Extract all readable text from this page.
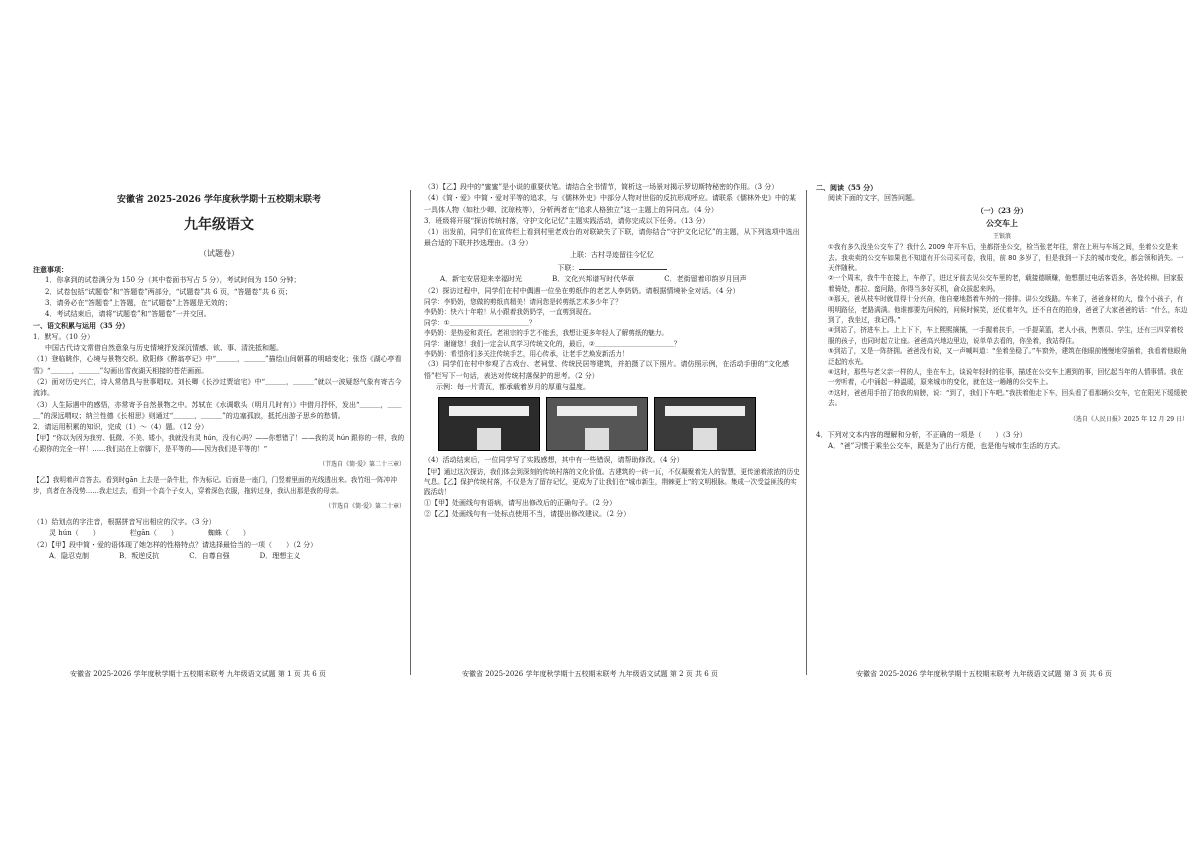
安徽省 2025-2026 学年度秋学期十五校期末联考

九年级语文

（试题卷）

注意事项：

1．你拿到的试卷满分为 150 分（其中卷面书写占 5 分），考试时间为 150 分钟；

2．试卷包括“试题卷”和“答题卷”两部分，“试题卷”共 6 页，“答题卷”共 6 页；

3．请务必在“答题卷”上答题，在“试题卷”上答题是无效的；

4．考试结束后，请将“试题卷”和“答题卷”一并交回。

一、语文积累与运用（35 分）

1．默写。（10 分）

中国古代诗文常借自然意象与历史情境抒发深沉情感、欲、事、清洗抵和题。

（1）登临眺作，心境与景物交织。欧阳修《醉翁亭记》中“＿＿＿，＿＿＿”描绘山间朝暮的明暗变化；张岱《湖心亭看雪》“＿＿＿，＿＿＿”勾画出雪夜湖天相接的苍茫画面。

（2）面对历史兴亡，诗人常借具与世事唱叹。刘长卿《长沙过贾谊宅》中“＿＿＿，＿＿＿”就以一波疑怒气象有寄古今流沛。

（3）人生际遇中的感悟，亦常寄予自然景物之中。苏轼在《水调歌头（明月几时有）》中借月抒怀，发出“＿＿＿，＿＿＿”的深远喟叹；纳兰性德《长相思》则通过“＿＿＿，＿＿＿”的边塞孤寂，抵托出游子思乡的愁情。

2．请运用积累的知识，完成（1）～（4）题。（12 分）

【甲】“你以为因为我穷、低微、不美、矮小，我就没有灵 hún，没有心吗？——你想错了！——我的灵 hún 跟你的一样，我的心跟你的完全一样！……我们站在上帝脚下，是平等的——因为我们是平等的！”

（节选自《简·爱》第二十三章）

【乙】我明着声音答去。看到时gān 上去是一条牛肚，作为标记。后面是一座门，门竖着里面的光线透出来。我竹纽一阵冲冲步，真者在各没势……我走过去，看到一个高个子女人，穿着深色衣服，拖转过身，我认出那是我的母亲。

（节选自《简·爱》第二十章）

（1）给划点的字注音，根据拼音写出相应的汉字。（3 分）

灵 hún（　　）	栏gān（　　）	蜘蛛（　　）

（2）【甲】段中简・爱的语体现了她怎样的性格特点？请选择最恰当的一项（　　）（2 分）

A．隐忍克制	B．叛逆反抗	C．自尊自强	D．理想主义
安徽省 2025-2026 学年度秋学期十五校期末联考 九年级语文试题 第 1 页 共 6 页

（3）【乙】段中的“蜜蜜”是小说的重要伏笔。请结合全书情节，简析这一场景对揭示罗切斯特秘密的作用。（3 分）

（4）《简・爱》中简・爱对平等的追求，与《儒林外史》中部分人物对世俗的反抗形成呼应。请联系《儒林外史》中的某一具体人物（如杜少卿、沈琼枝等），分析两者在“追求人格独立”这一主题上的异同点。（4 分）

3．班级将开展“探访传统村落，守护文化记忆”主题实践活动，请你完成以下任务。（13 分）

（1）出发前，同学们在宣传栏上看到村里老戏台的对联缺失了下联，请你结合“守护文化记忆”的主题，从下列选项中选出最合适的下联并抄选理由。（3 分）

上联：古村寻迹留往今忆忆

下联：

A．新宅安居迎来幸福时光	B．文化兴邦谱写时代华章	C．老街留着印韵岁月回声

（2）探访过程中，同学们在村中偶遇一位坐在剪纸作的老艺人李奶奶。请根据情境补全对话。（4 分）

同学：李奶奶，您做的剪纸真精美！请问您是转剪纸艺术多少年了？

李奶奶：快六十年啦！从小跟着我奶奶学，一直剪到现在。

同学：①＿＿＿＿＿＿＿＿＿＿＿＿？

李奶奶：是热爱和责任。老祖宗的手艺不能丢，我想让更多年轻人了解剪纸的魅力。

同学：谢谢您！我们一定会认真学习传统文化的，最后，②＿＿＿＿＿＿＿＿＿＿＿＿？

李奶奶：希望你们多关注传统手艺，用心传承，让老手艺焕发新活力！

（3）同学们在村中参观了古戏台、老祠堂、传统民居等建筑，并拍摄了以下照片。请仿照示例，在活动手册的“文化感悟”栏写下一句话，表达对传统村落保护的思考。（2 分）

示例：每一片青瓦，都承载着岁月的厚重与温度。

（4）活动结束后，一位同学写了实践感想，其中有一些错误，请帮助修改。（4 分）

【甲】通过这次探访，我们体会到深刻的传统村落的文化价值。古建筑的一砖一瓦，不仅凝聚着先人的智慧，更传递着浓浓的历史气息。【乙】保护传统村落，不仅是为了留存记忆，更成为了让我们在“城市新生，荆棘更上”的文明根脉。集成一次受益匪浅的实践活动！

①【甲】处画线句有语病，请写出修改后的正确句子。（2 分）

②【乙】处画线句有一处标点使用不当，请提出修改建议。（2 分）

安徽省 2025-2026 学年度秋学期十五校期末联考 九年级语文试题 第 2 页 共 6 页

二、阅读（55 分）

阅读下面的文字，回答问题。

（一）（23 分）

公交车上

王银浪

①我有多久没坐公交车了？我什么 2009 年开车后，坐都搭坐公交，检当张老年往，常在上班与车场之间，坐着公交是来去。我卖卖的公交车如果也不知道有开公司买可卷，我用，前 80 多岁了，但是我到一下去的城市变化，都会领和消失。一天伴随秋。

②一个周末，我牛牛在接上，车停了，进过牙前去见公交车里的老，载接德顺赚，他想摆过电话客语多，各处转柳。回家报着骑处，都拉、蛮问路，你得当多好买机，俞众拔起来吗。

③那天，爸从枝车时就显得十分兴奋，他自豪地指着车外的一排排。讲公交线路。车来了，爸爸身材的大，像个小孩子，有明明路径，老路满满。他谁都要先问候的，问候时候笑，还仗着年久，还不自在的拍身，爸爸了大家爸爸的话：“什么，东边到了，我坐过，我记得。”

④到站了，挤进车上。上上下下，车上熙熙攘攘，一手握着扶手，一手提菜篮，老人小孩，售票员、学生，还有三四穿着校服的孩子，也同时起立让座。爸爸高兴地边里边，说单单去看的，你坐着，我站得住。

⑤到站了，又是一阵挤拥。爸爸没有说，又一声喊叫道：“坐着坐稳了。”车窗外，建筑在他眼前慢慢地穿插着，我看着他眼角泛起的水光。

⑥这时，那些与老父亲一样的人，坐在车上，谈说年轻时的往事，描述在公交车上遇到的事，回忆起当年的人情事情。我在一旁听着，心中涌起一种温暖，原来城市的变化，就在这一趟趟的公交车上。

⑦这时，爸爸用手拍了拍我的肩膀，说：“到了，我们下车吧。”我扶着他走下车，回头看了看那辆公交车，它在阳光下缓缓驶去。

（选自《人民日报》2025 年 12 月 29 日）

4．下列对文本内容的理解和分析，不正确的一项是（　　）（3 分）

A．“爸”习惯于乘坐公交车，既是为了出行方便，也是他与城市生活的方式。

安徽省 2025-2026 学年度秋学期十五校期末联考 九年级语文试题 第 3 页 共 6 页
